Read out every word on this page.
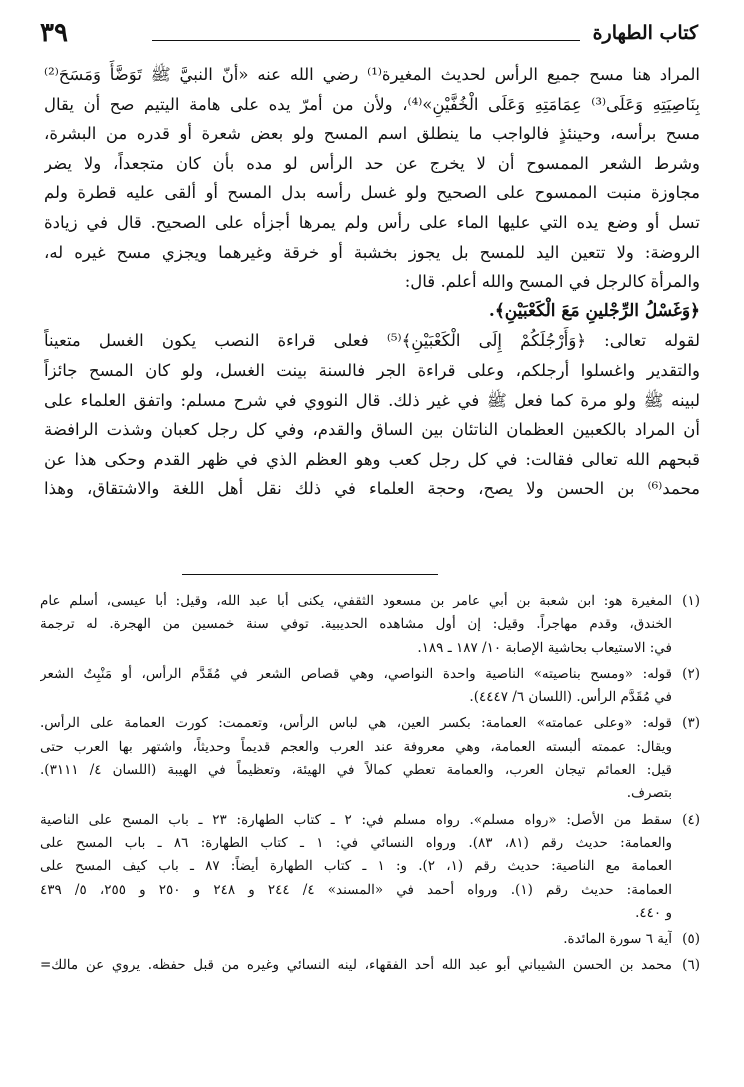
كتاب الطهارة
٣٩
المراد هنا مسح جميع الرأس لحديث المغيرة⁽¹⁾ رضي الله عنه «أنّ النبيَّ ﷺ تَوَضَّأَ وَمَسَحَ⁽²⁾
بِنَاصِيَتِهِ وَعَلَى⁽³⁾ عِمَامَتِهِ وَعَلَى الْخُفَّيْنِ»⁽⁴⁾، ولأن من أمرّ يده على هامة اليتيم صح أن يقال
مسح برأسه، وحينئذٍ فالواجب ما ينطلق اسم المسح ولو بعض شعرة أو قدره من البشرة،
وشرط الشعر الممسوح أن لا يخرج عن حد الرأس لو مده بأن كان متجعداً، ولا يضر
مجاوزة منبت الممسوح على الصحيح ولو غسل رأسه بدل المسح أو ألقى عليه قطرة ولم
تسل أو وضع يده التي عليها الماء على رأس ولم يمرها أجزأه على الصحيح. قال في زيادة
الروضة: ولا تتعين اليد للمسح بل يجوز بخشبة أو خرقة وغيرهما ويجزي مسح غيره له،
والمرأة كالرجل في المسح والله أعلم. قال:
﴿وَغَسْلُ الرِّجْلينِ مَعَ الْكَعْبَيْنِ﴾.
لقوله تعالى: ﴿وَأَرْجُلَكُمْ إِلَى الْكَعْبَيْنِ﴾⁽⁵⁾ فعلى قراءة النصب يكون الغسل متعيناً
والتقدير واغسلوا أرجلكم، وعلى قراءة الجر فالسنة بينت الغسل، ولو كان المسح جائزاً
لبينه ﷺ ولو مرة كما فعل ﷺ في غير ذلك. قال النووي في شرح مسلم: واتفق العلماء على
أن المراد بالكعبين العظمان الناتئان بين الساق والقدم، وفي كل رجل كعبان وشذت الرافضة
قبحهم الله تعالى فقالت: في كل رجل كعب وهو العظم الذي في ظهر القدم وحكى هذا عن
محمد⁽⁶⁾ بن الحسن ولا يصح، وحجة العلماء في ذلك نقل أهل اللغة والاشتقاق، وهذا
(١)
المغيرة هو: ابن شعبة بن أبي عامر بن مسعود الثقفي، يكنى أبا عبد الله، وقيل: أبا عيسى، أسلم عام
الخندق، وقدم مهاجراً. وقيل: إن أول مشاهده الحديبية. توفي سنة خمسين من الهجرة. له ترجمة
في: الاستيعاب بحاشية الإصابة ١٠/ ١٨٧ ـ ١٨٩.
(٢)
قوله: «ومسح بناصيته» الناصية واحدة النواصي، وهي قصاص الشعر في مُقَدَّم الرأس، أو مَنْبِتُ الشعر
في مُقَدَّم الرأس. (اللسان ٦/ ٤٤٤٧).
(٣)
قوله: «وعلى عمامته» العمامة: بكسر العين، هي لباس الرأس، وتعممت: كورت العمامة على الرأس.
ويقال: عممته ألبسته العمامة، وهي معروفة عند العرب والعجم قديماً وحديثاً، واشتهر بها العرب حتى
قيل: العمائم تيجان العرب، والعمامة تعطي كمالاً في الهيئة، وتعظيماً في الهيبة (اللسان ٤/ ٣١١١).
بتصرف.
(٤)
سقط من الأصل: «رواه مسلم». رواه مسلم في: ٢ ـ كتاب الطهارة: ٢٣ ـ باب المسح على الناصية
والعمامة: حديث رقم (٨١، ٨٣). ورواه النسائي في: ١ ـ كتاب الطهارة: ٨٦ ـ باب المسح على
العمامة مع الناصية: حديث رقم (١، ٢). و: ١ ـ كتاب الطهارة أيضاً: ٨٧ ـ باب كيف المسح على
العمامة: حديث رقم (١). ورواه أحمد في «المسند» ٤/ ٢٤٤ و ٢٤٨ و ٢٥٠ و ٢٥٥، ٥/ ٤٣٩
و ٤٤٠.
(٥)
آية ٦ سورة المائدة.
(٦)
محمد بن الحسن الشيباني أبو عبد الله أحد الفقهاء، لينه النسائي وغيره من قبل حفظه. يروي عن مالك=
